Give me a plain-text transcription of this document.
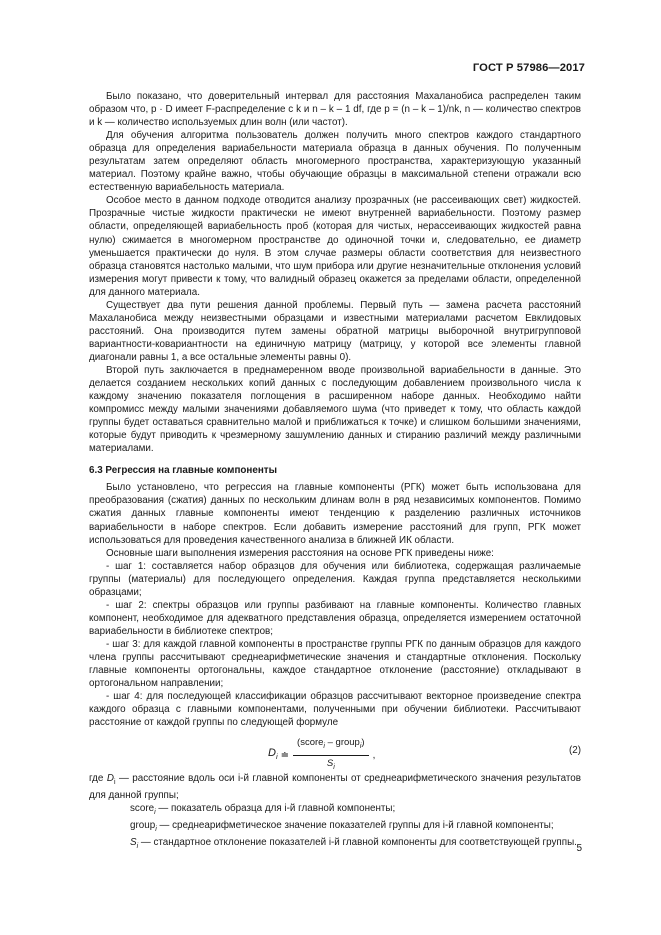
ГОСТ Р 57986—2017

Было показано, что доверительный интервал для расстояния Махаланобиса распределен таким образом что, p · D имеет F-распределение с k и n – k – 1 df, где p = (n – k – 1)/nk, n — количество спектров и k — количество используемых длин волн (или частот).

Для обучения алгоритма пользователь должен получить много спектров каждого стандартного образца для определения вариабельности материала образца в данных обучения. По полученным результатам затем определяют область многомерного пространства, характеризующую указанный материал. Поэтому крайне важно, чтобы обучающие образцы в максимальной степени отражали всю естественную вариабельность материала.

Особое место в данном подходе отводится анализу прозрачных (не рассеивающих свет) жидкостей. Прозрачные чистые жидкости практически не имеют внутренней вариабельности. Поэтому размер области, определяющей вариабельность проб (которая для чистых, нерассеивающих жидкостей равна нулю) сжимается в многомерном пространстве до одиночной точки и, следовательно, ее диаметр уменьшается практически до нуля. В этом случае размеры области соответствия для неизвестного образца становятся настолько малыми, что шум прибора или другие незначительные отклонения условий измерения могут привести к тому, что валидный образец окажется за пределами области, определенной для данного материала.

Существует два пути решения данной проблемы. Первый путь — замена расчета расстояний Махаланобиса между неизвестными образцами и известными материалами расчетом Евклидовых расстояний. Она производится путем замены обратной матрицы выборочной внутригрупповой вариантности-ковариантности на единичную матрицу (матрицу, у которой все элементы главной диагонали равны 1, а все остальные элементы равны 0).

Второй путь заключается в преднамеренном вводе произвольной вариабельности в данные. Это делается созданием нескольких копий данных с последующим добавлением произвольного числа к каждому значению показателя поглощения в расширенном наборе данных. Необходимо найти компромисс между малыми значениями добавляемого шума (что приведет к тому, что область каждой группы будет оставаться сравнительно малой и приближаться к точке) и слишком большими значениями, которые будут приводить к чрезмерному зашумлению данных и стиранию различий между различными материалами.

6.3 Регрессия на главные компоненты

Было установлено, что регрессия на главные компоненты (РГК) может быть использована для преобразования (сжатия) данных по нескольким длинам волн в ряд независимых компонентов. Помимо сжатия данных главные компоненты имеют тенденцию к разделению различных источников вариабельности в наборе спектров. Если добавить измерение расстояний для групп, РГК может использоваться для проведения качественного анализа в ближней ИК области.

Основные шаги выполнения измерения расстояния на основе РГК приведены ниже:

- шаг 1: составляется набор образцов для обучения или библиотека, содержащая различаемые группы (материалы) для последующего определения. Каждая группа представляется несколькими образцами;

- шаг 2: спектры образцов или группы разбивают на главные компоненты. Количество главных компонент, необходимое для адекватного представления образца, определяется измерением остаточной вариабельности в библиотеке спектров;

- шаг 3: для каждой главной компоненты в пространстве группы РГК по данным образцов для каждого члена группы рассчитывают среднеарифметические значения и стандартные отклонения. Поскольку главные компоненты ортогональны, каждое стандартное отклонение (расстояние) откладывают в ортогональном направлении;

- шаг 4: для последующей классификации образцов рассчитывают векторное произведение спектра каждого образца с главными компонентами, полученными при обучении библиотеки. Рассчитывают расстояние от каждой группы по следующей формуле

$D_i$ ≐ $\frac{(score_i - group_i)}{S_i}$ ,	(2)

где $D_i$ — расстояние вдоль оси i-й главной компоненты от среднеарифметического значения результатов для данной группы;

score$_i$ — показатель образца для i-й главной компоненты;

group$_i$ — среднеарифметическое значение показателей группы для i-й главной компоненты;

$S_i$ — стандартное отклонение показателей i-й главной компоненты для соответствующей группы.

5
